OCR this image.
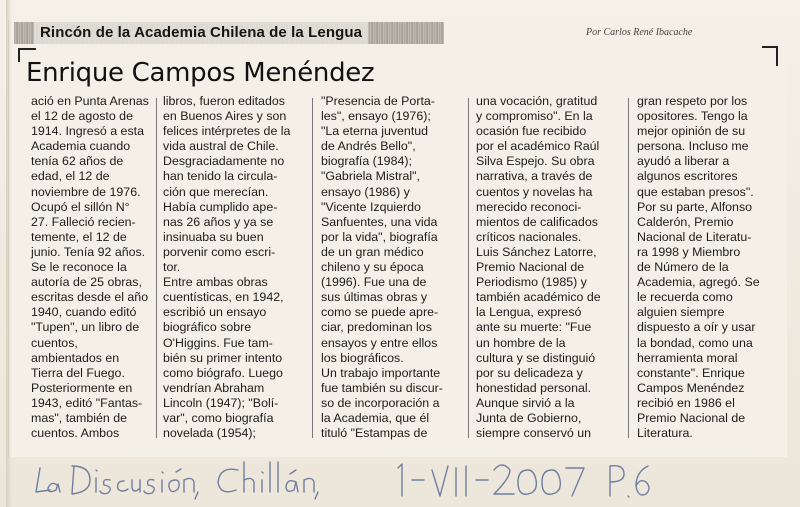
Rincón de la Academia Chilena de la Lengua	Por Carlos René Ibacache
Enrique Campos Menéndez
ació en Punta Arenas
el 12 de agosto de
1914. Ingresó a esta
Academia cuando
tenía 62 años de
edad, el 12 de
noviembre de 1976.
Ocupó el sillón N°
27. Falleció recien-
temente, el 12 de
junio. Tenía 92 años.
Se le reconoce la
autoría de 25 obras,
escritas desde el año
1940, cuando editó
"Tupen", un libro de
cuentos,
ambientados en
Tierra del Fuego.
Posteriormente en
1943, editó "Fantas-
mas", también de
cuentos. Ambos
libros, fueron editados
en Buenos Aires y son
felices intérpretes de la
vida austral de Chile.
Desgraciadamente no
han tenido la circula-
ción que merecían.
Había cumplido ape-
nas 26 años y ya se
insinuaba su buen
porvenir como escri-
tor.
Entre ambas obras
cuentísticas, en 1942,
escribió un ensayo
biográfico sobre
O'Higgins. Fue tam-
bién su primer intento
como biógrafo. Luego
vendrían Abraham
Lincoln (1947); "Bolí-
var", como biografía
novelada (1954);
"Presencia de Porta-
les", ensayo (1976);
"La eterna juventud
de Andrés Bello",
biografía (1984);
"Gabriela Mistral",
ensayo (1986) y
"Vicente Izquierdo
Sanfuentes, una vida
por la vida", biografía
de un gran médico
chileno y su época
(1996). Fue una de
sus últimas obras y
como se puede apre-
ciar, predominan los
ensayos y entre ellos
los biográficos.
Un trabajo importante
fue también su discur-
so de incorporación a
la Academia, que él
tituló "Estampas de
una vocación, gratitud
y compromiso". En la
ocasión fue recibido
por el académico Raúl
Silva Espejo. Su obra
narrativa, a través de
cuentos y novelas ha
merecido reconoci-
mientos de calificados
críticos nacionales.
Luis Sánchez Latorre,
Premio Nacional de
Periodismo (1985) y
también académico de
la Lengua, expresó
ante su muerte: "Fue
un hombre de la
cultura y se distinguió
por su delicadeza y
honestidad personal.
Aunque sirvió a la
Junta de Gobierno,
siempre conservó un
gran respeto por los
opositores. Tengo la
mejor opinión de su
persona. Incluso me
ayudó a liberar a
algunos escritores
que estaban presos".
Por su parte, Alfonso
Calderón, Premio
Nacional de Literatu-
ra 1998 y Miembro
de Número de la
Academia, agregó. Se
le recuerda como
alguien siempre
dispuesto a oír y usar
la bondad, como una
herramienta moral
constante". Enrique
Campos Menéndez
recibió en 1986 el
Premio Nacional de
Literatura.
